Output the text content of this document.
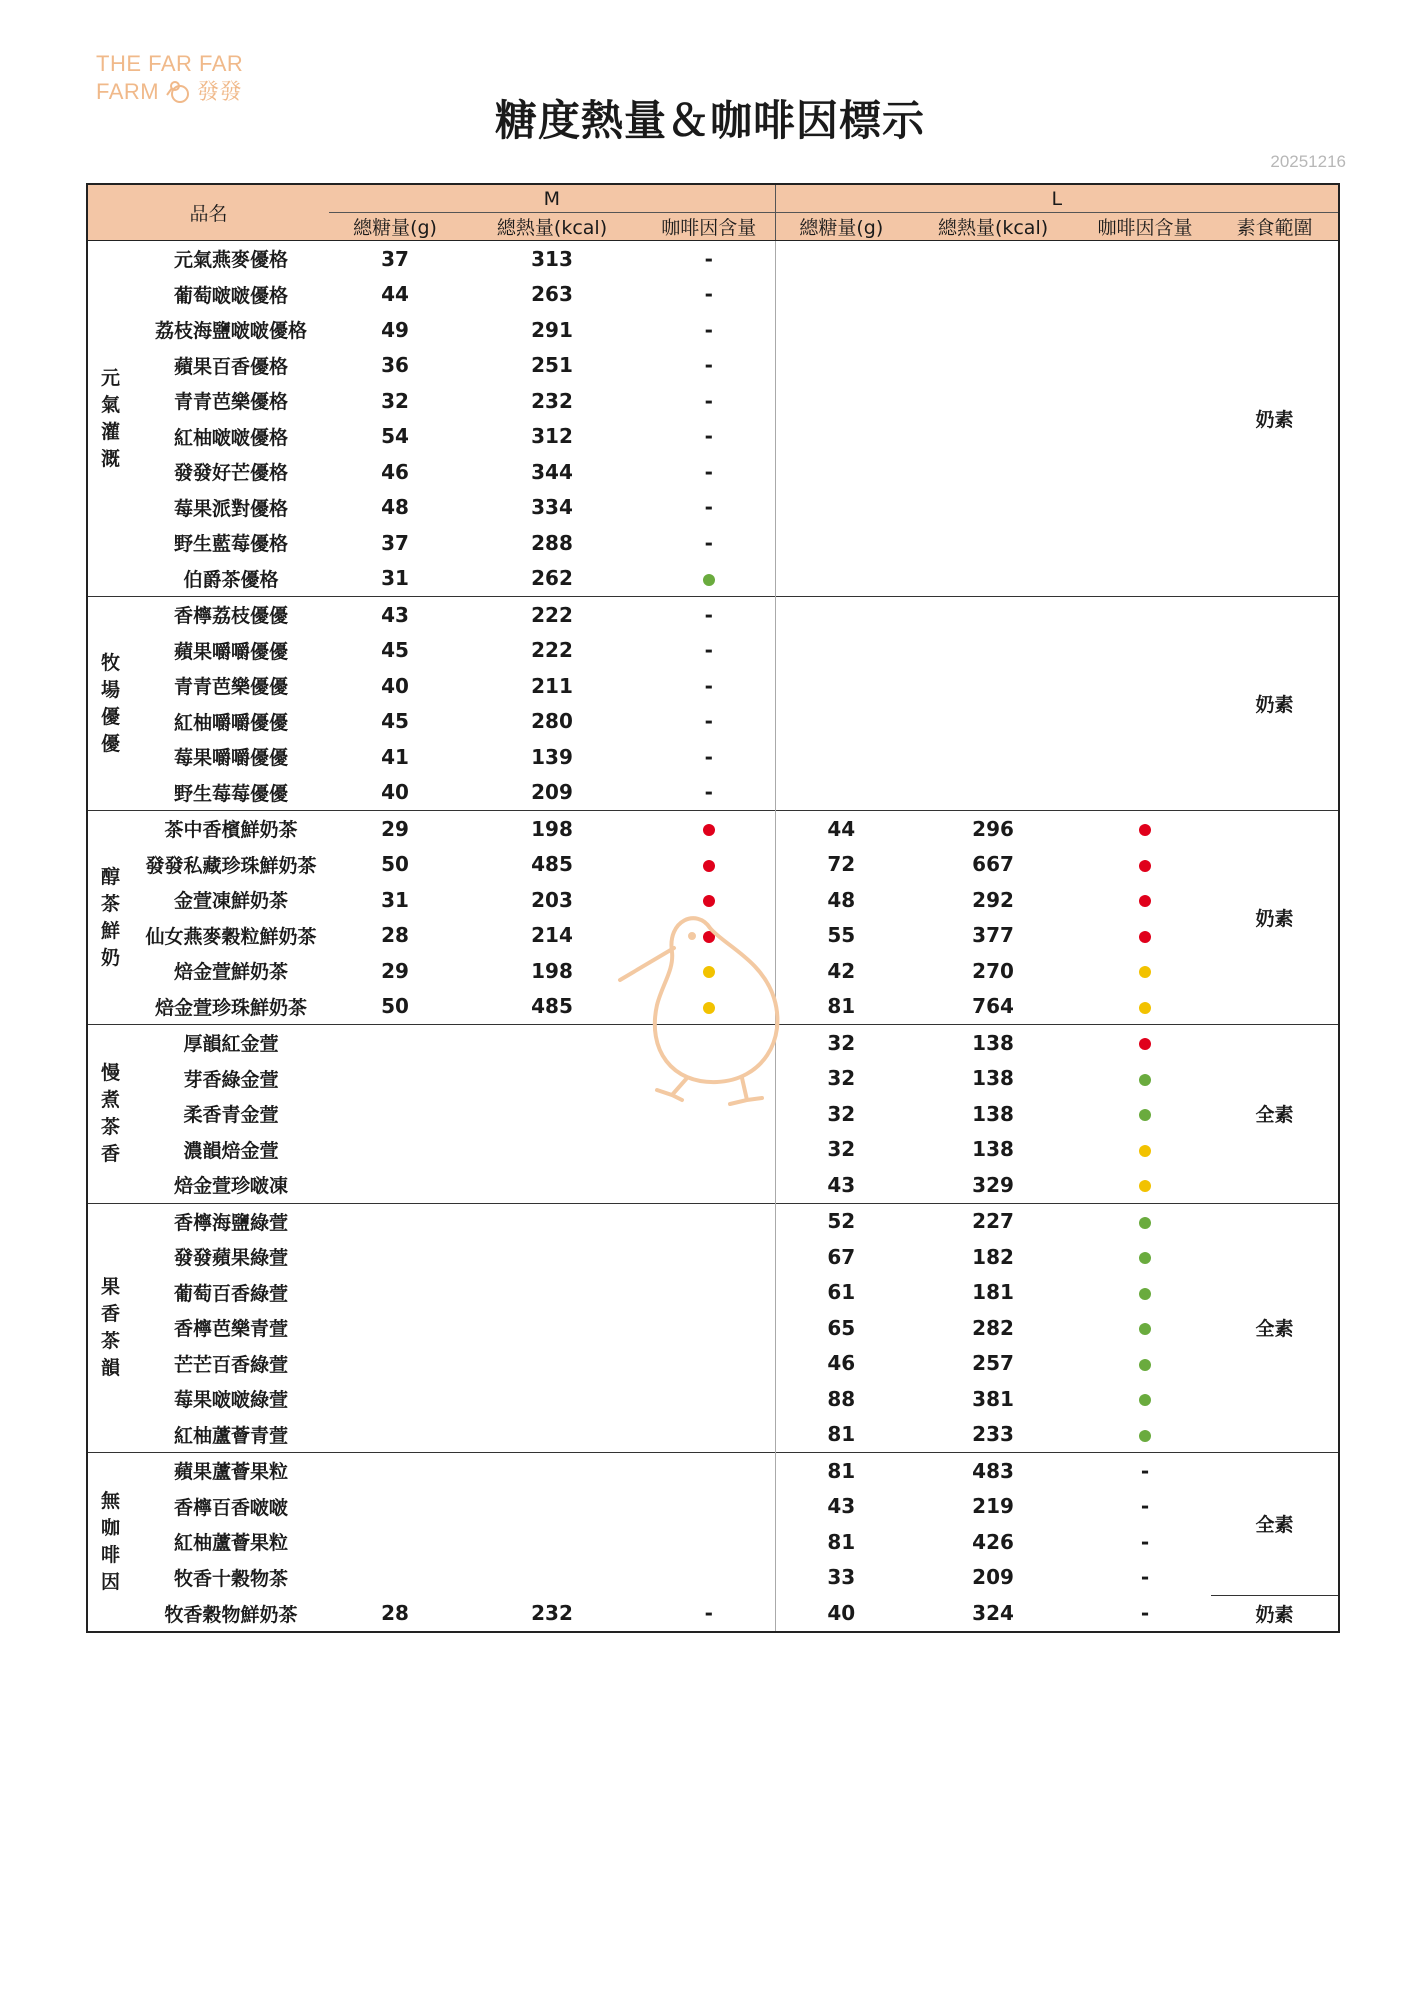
THE FAR FAR
FARM 發發
糖度熱量＆咖啡因標示
20251216
品名		M			L			
		總糖量(g)	總熱量(kcal)	咖啡因含量	總糖量(g)	總熱量(kcal)	咖啡因含量	素食範圍

元
氣
灌
溉	元氣燕麥優格	37	313	-				奶素
	葡萄啵啵優格	44	263	-				
	荔枝海鹽啵啵優格	49	291	-				
	蘋果百香優格	36	251	-				
	青青芭樂優格	32	232	-				
	紅柚啵啵優格	54	312	-				
	發發好芒優格	46	344	-				
	莓果派對優格	48	334	-				
	野生藍莓優格	37	288	-				
	伯爵茶優格	31	262					

牧
場
優
優	香檸荔枝優優	43	222	-				奶素
	蘋果嚼嚼優優	45	222	-				
	青青芭樂優優	40	211	-				
	紅柚嚼嚼優優	45	280	-				
	莓果嚼嚼優優	41	139	-				
	野生莓莓優優	40	209	-				

醇
茶
鮮
奶	茶中香檳鮮奶茶	29	198		44	296		奶素
	發發私藏珍珠鮮奶茶	50	485		72	667		
	金萱凍鮮奶茶	31	203		48	292		
	仙女燕麥穀粒鮮奶茶	28	214		55	377		
	焙金萱鮮奶茶	29	198		42	270		
	焙金萱珍珠鮮奶茶	50	485		81	764		

慢
煮
茶
香	厚韻紅金萱				32	138		全素
	芽香綠金萱				32	138		
	柔香青金萱				32	138		
	濃韻焙金萱				32	138		
	焙金萱珍啵凍				43	329		

果
香
茶
韻	香檸海鹽綠萱				52	227		全素
	發發蘋果綠萱				67	182		
	葡萄百香綠萱				61	181		
	香檸芭樂青萱				65	282		
	芒芒百香綠萱				46	257		
	莓果啵啵綠萱				88	381		
	紅柚蘆薈青萱				81	233		

無
咖
啡
因	蘋果蘆薈果粒				81	483	-	全素
	香檸百香啵啵				43	219	-	
	紅柚蘆薈果粒				81	426	-	
	牧香十穀物茶				33	209	-	
	牧香穀物鮮奶茶	28	232	-	40	324	-	奶素
